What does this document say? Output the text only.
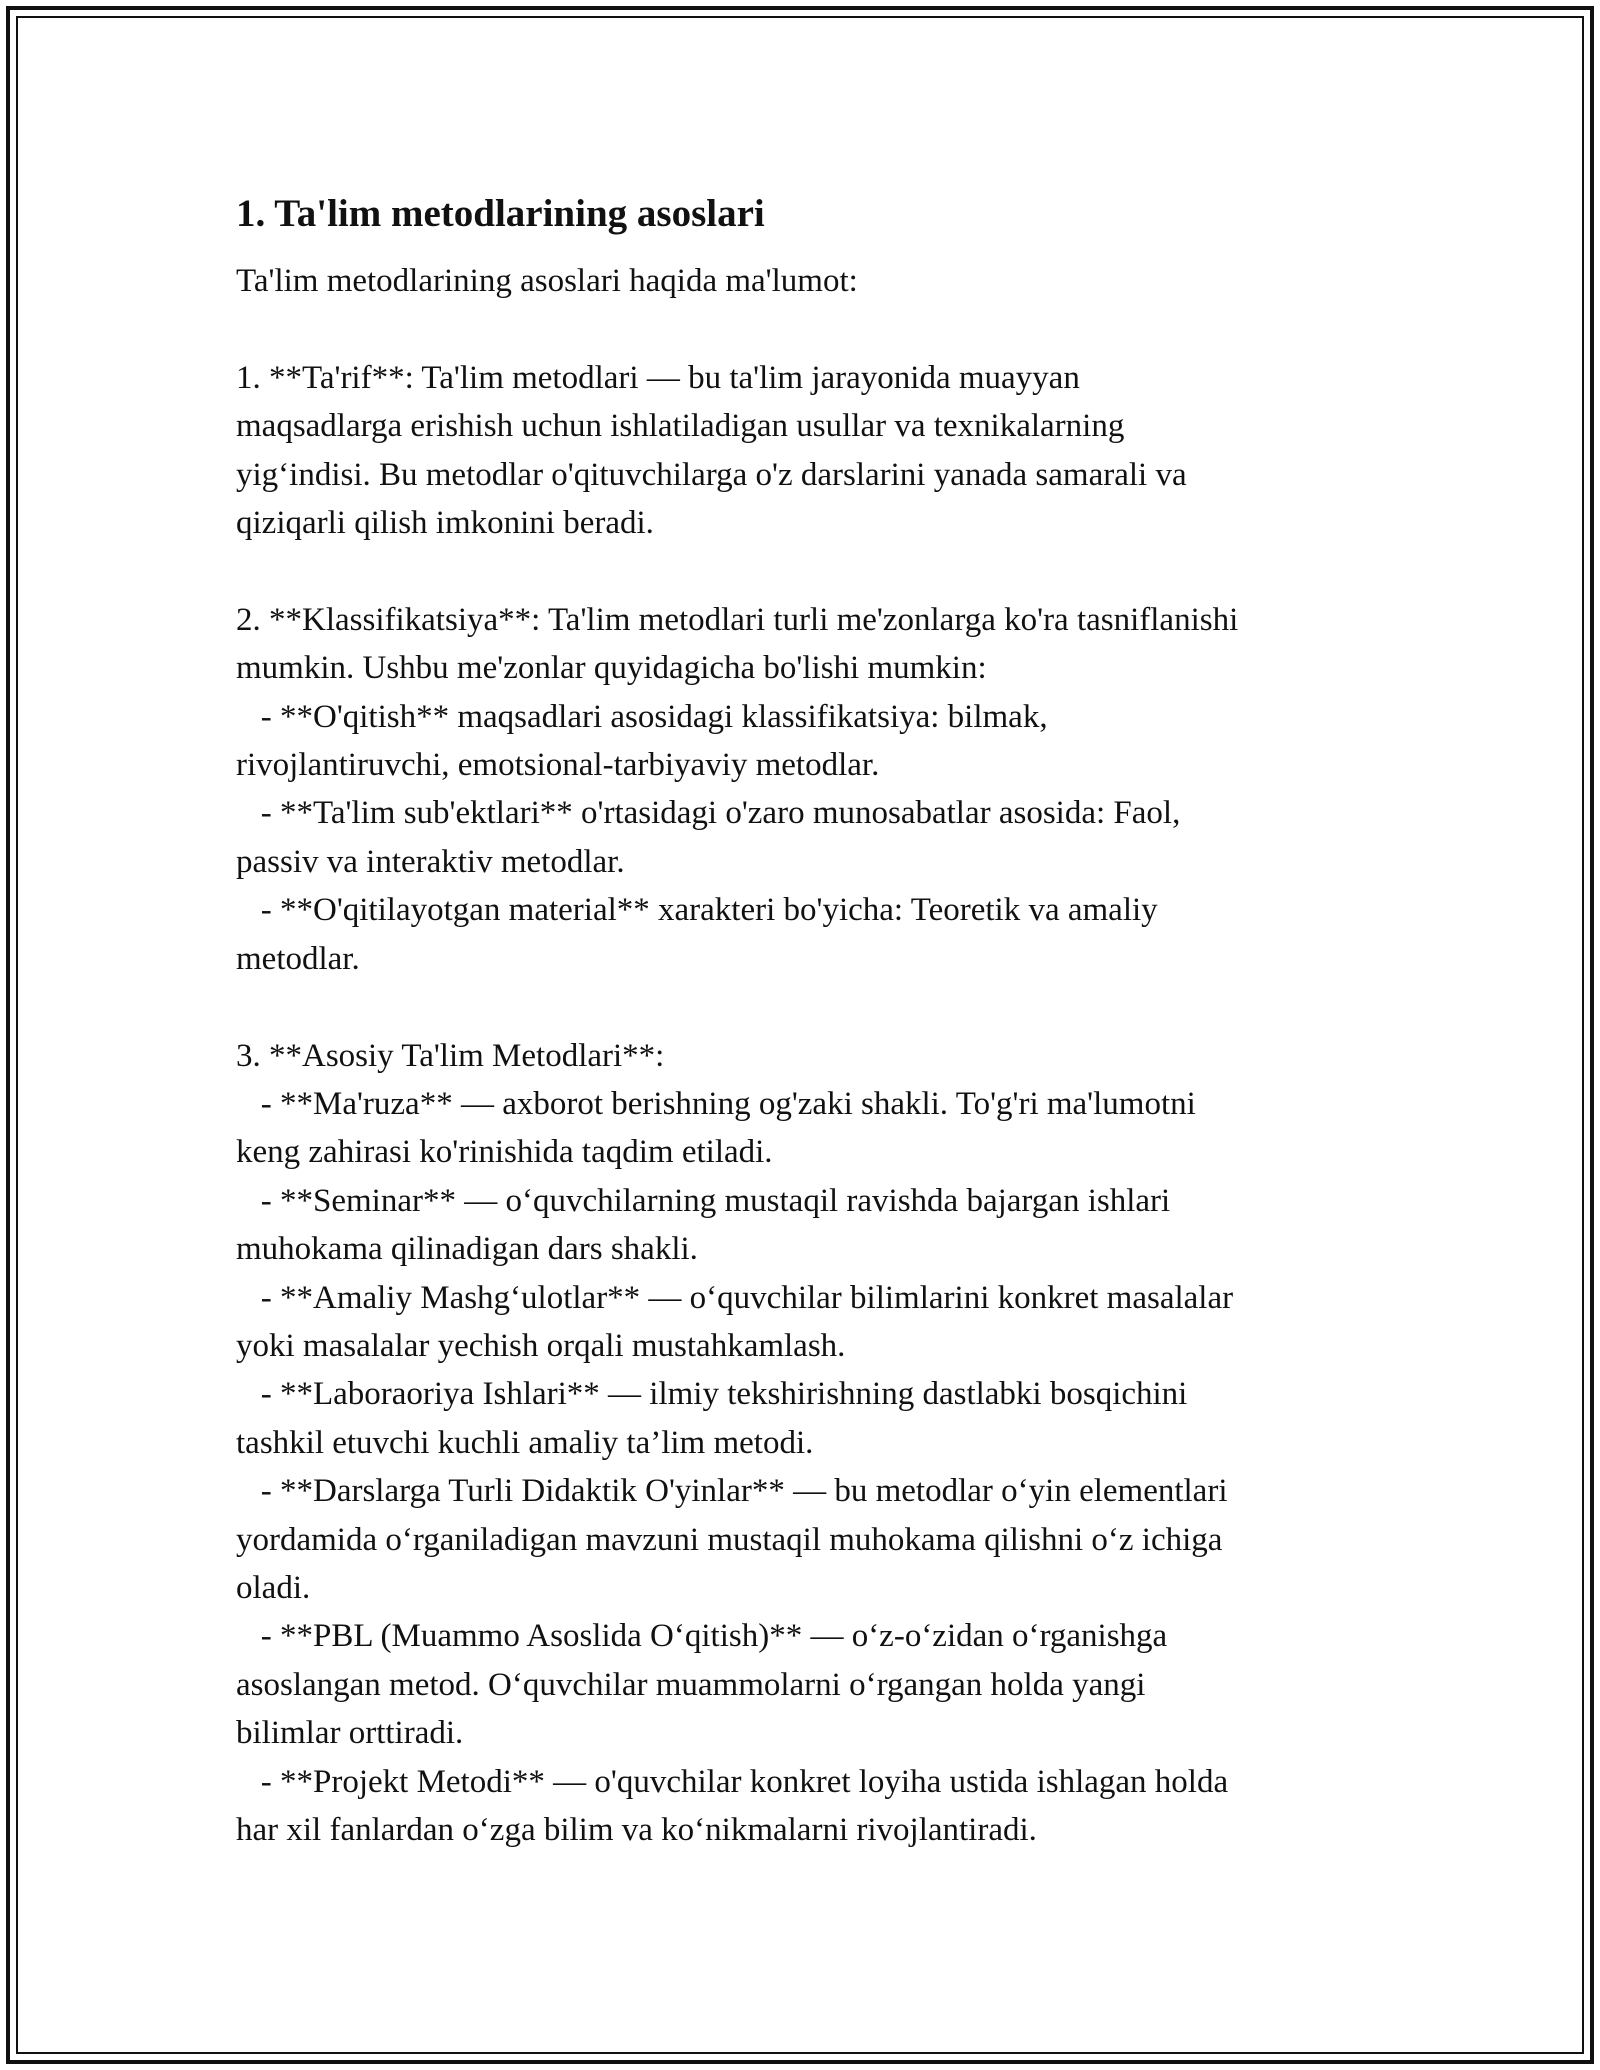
1. Ta'lim metodlarining asoslari

Ta'lim metodlarining asoslari haqida ma'lumot:

1. **Ta'rif**: Ta'lim metodlari — bu ta'lim jarayonida muayyan
maqsadlarga erishish uchun ishlatiladigan usullar va texnikalarning
yig‘indisi. Bu metodlar o'qituvchilarga o'z darslarini yanada samarali va
qiziqarli qilish imkonini beradi.

2. **Klassifikatsiya**: Ta'lim metodlari turli me'zonlarga ko'ra tasniflanishi
mumkin. Ushbu me'zonlar quyidagicha bo'lishi mumkin:
- **O'qitish** maqsadlari asosidagi klassifikatsiya: bilmak,
rivojlantiruvchi, emotsional-tarbiyaviy metodlar.
- **Ta'lim sub'ektlari** o'rtasidagi o'zaro munosabatlar asosida: Faol,
passiv va interaktiv metodlar.
- **O'qitilayotgan material** xarakteri bo'yicha: Teoretik va amaliy
metodlar.

3. **Asosiy Ta'lim Metodlari**:
- **Ma'ruza** — axborot berishning og'zaki shakli. To'g'ri ma'lumotni
keng zahirasi ko'rinishida taqdim etiladi.
- **Seminar** — o‘quvchilarning mustaqil ravishda bajargan ishlari
muhokama qilinadigan dars shakli.
- **Amaliy Mashg‘ulotlar** — o‘quvchilar bilimlarini konkret masalalar
yoki masalalar yechish orqali mustahkamlash.
- **Laboraoriya Ishlari** — ilmiy tekshirishning dastlabki bosqichini
tashkil etuvchi kuchli amaliy ta’lim metodi.
- **Darslarga Turli Didaktik O'yinlar** — bu metodlar o‘yin elementlari
yordamida o‘rganiladigan mavzuni mustaqil muhokama qilishni o‘z ichiga
oladi.
- **PBL (Muammo Asoslida O‘qitish)** — o‘z-o‘zidan o‘rganishga
asoslangan metod. O‘quvchilar muammolarni o‘rgangan holda yangi
bilimlar orttiradi.
- **Projekt Metodi** — o'quvchilar konkret loyiha ustida ishlagan holda
har xil fanlardan o‘zga bilim va ko‘nikmalarni rivojlantiradi.
